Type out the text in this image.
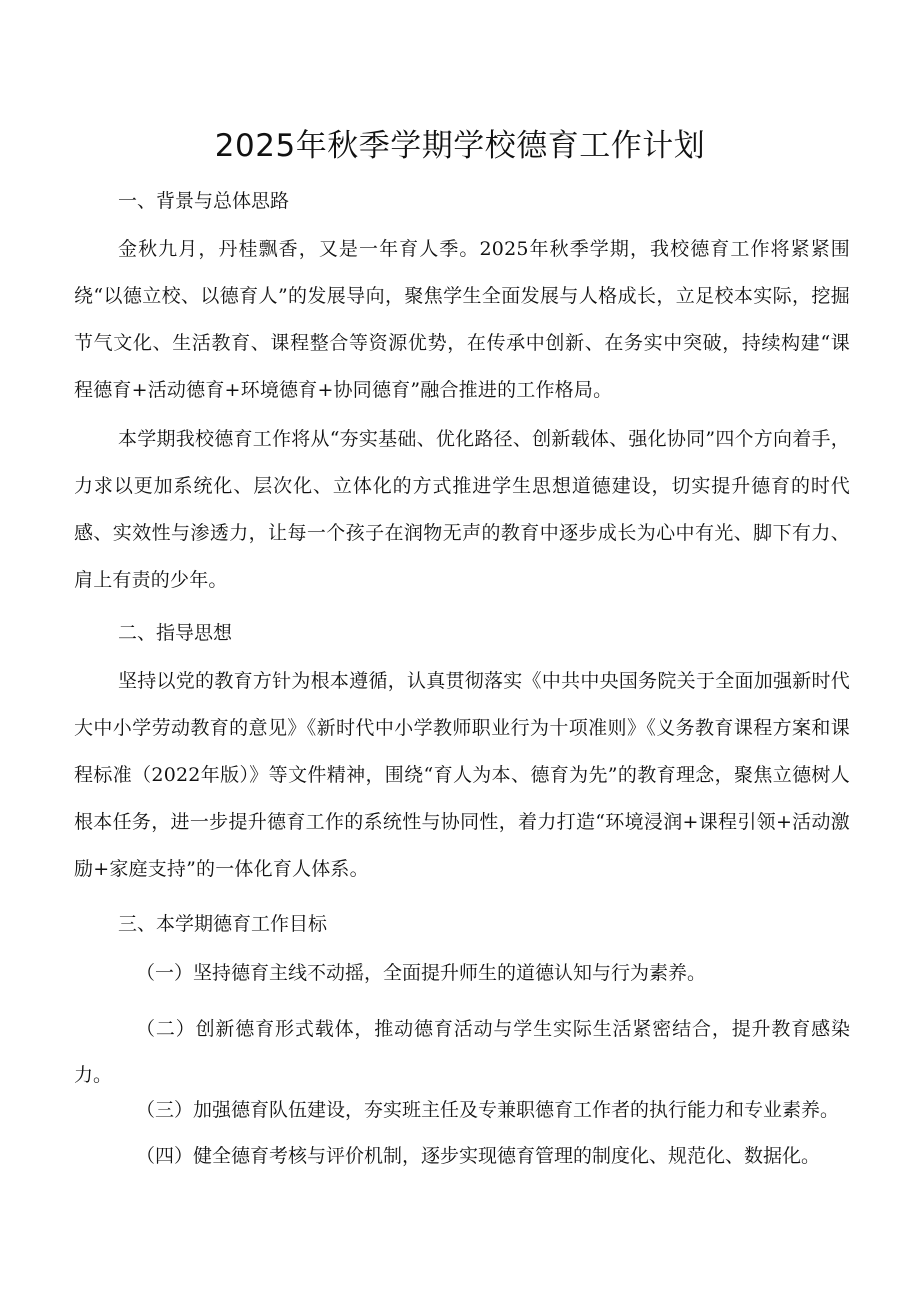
2025年秋季学期学校德育工作计划
一、背景与总体思路
金秋九月，丹桂飘香，又是一年育人季。2025年秋季学期，我校德育工作将紧紧围绕“以德立校、以德育人”的发展导向，聚焦学生全面发展与人格成长，立足校本实际，挖掘节气文化、生活教育、课程整合等资源优势，在传承中创新、在务实中突破，持续构建“课程德育+活动德育+环境德育+协同德育”融合推进的工作格局。
本学期我校德育工作将从“夯实基础、优化路径、创新载体、强化协同”四个方向着手，力求以更加系统化、层次化、立体化的方式推进学生思想道德建设，切实提升德育的时代感、实效性与渗透力，让每一个孩子在润物无声的教育中逐步成长为心中有光、脚下有力、肩上有责的少年。
二、指导思想
坚持以党的教育方针为根本遵循，认真贯彻落实《中共中央国务院关于全面加强新时代大中小学劳动教育的意见》《新时代中小学教师职业行为十项准则》《义务教育课程方案和课程标准（2022年版）》等文件精神，围绕“育人为本、德育为先”的教育理念，聚焦立德树人根本任务，进一步提升德育工作的系统性与协同性，着力打造“环境浸润+课程引领+活动激励+家庭支持”的一体化育人体系。
三、本学期德育工作目标
（一）坚持德育主线不动摇，全面提升师生的道德认知与行为素养。
（二）创新德育形式载体，推动德育活动与学生实际生活紧密结合，提升教育感染力。
（三）加强德育队伍建设，夯实班主任及专兼职德育工作者的执行能力和专业素养。
（四）健全德育考核与评价机制，逐步实现德育管理的制度化、规范化、数据化。
